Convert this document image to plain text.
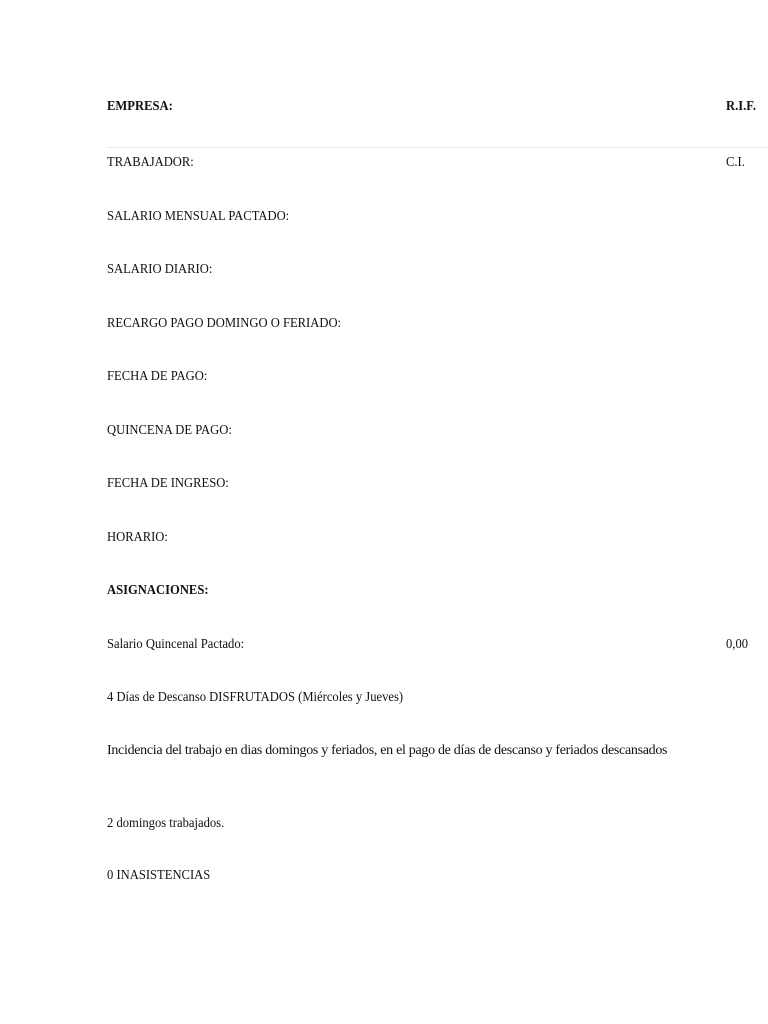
EMPRESA:	R.I.F.
TRABAJADOR:	C.I.
SALARIO MENSUAL PACTADO:
SALARIO DIARIO:
RECARGO PAGO DOMINGO O FERIADO:
FECHA DE PAGO:
QUINCENA DE PAGO:
FECHA DE INGRESO:
HORARIO:
ASIGNACIONES:
Salario Quincenal Pactado:	0,00
4 Días de Descanso DISFRUTADOS (Miércoles y Jueves)
Incidencia del trabajo en dias domingos y feriados, en el pago de días de descanso y feriados descansados
2 domingos trabajados.
0 INASISTENCIAS
